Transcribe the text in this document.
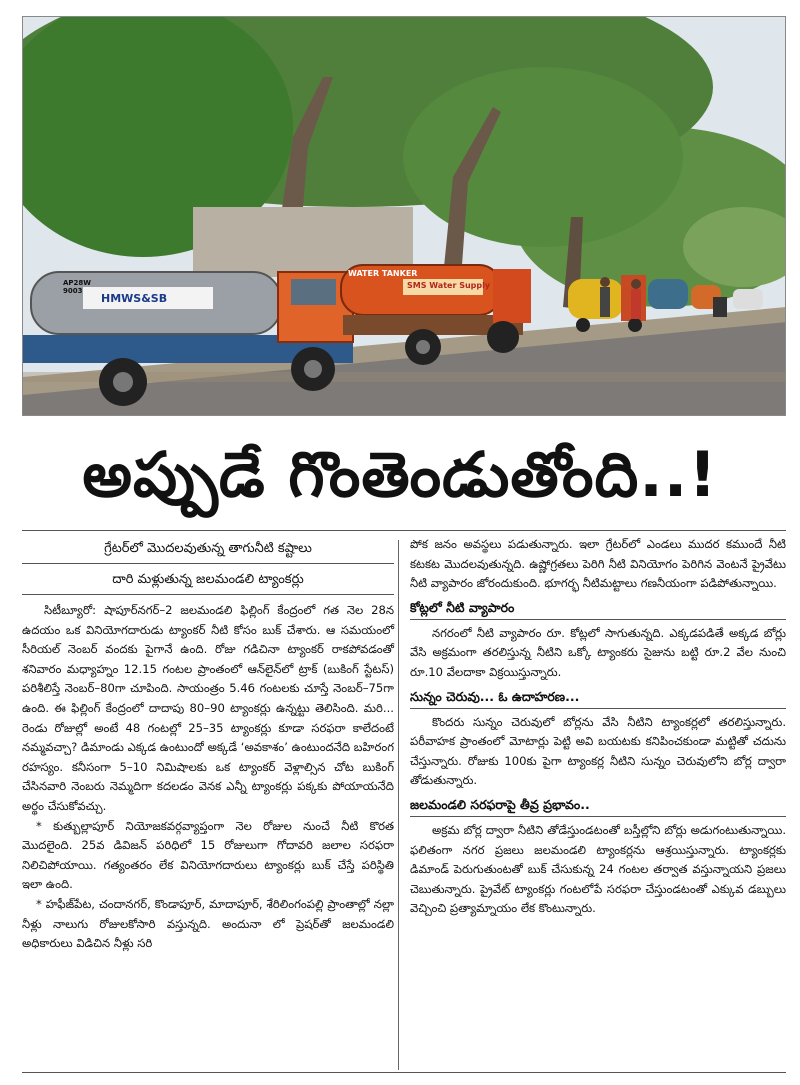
AP28W
9003
HMWS&SB
WATER TANKER
SMS Water Supply
అప్పుడే గొంతెండుతోంది..!
గ్రేటర్‌లో మొదలవుతున్న తాగునీటి కష్టాలు
దారి మళ్లుతున్న జలమండలి ట్యాంకర్లు

సిటీబ్యూరో: షాపూర్‌నగర్‌–2 జలమండలి ఫిల్లింగ్‌ కేంద్రంలో గత నెల 28న ఉదయం ఒక వినియోగదారుడు ట్యాంకర్‌ నీటి కోసం బుక్‌ చేశారు. ఆ సమయంలో సీరియల్‌ నెంబర్‌ వందకు పైగానే ఉంది. రోజు గడిచినా ట్యాంకర్‌ రాకపోవడంతో శనివారం మధ్యాహ్నం 12.15 గంటల ప్రాంతంలో ఆన్‌లైన్‌లో ట్రాక్‌ (బుకింగ్‌ స్టేటస్‌) పరిశీలిస్తే నెంబర్‌–80గా చూపింది. సాయంత్రం 5.46 గంటలకు చూస్తే నెంబర్‌–75గా ఉంది. ఈ ఫిల్లింగ్‌ కేంద్రంలో దాదాపు 80–90 ట్యాంకర్లు ఉన్నట్టు తెలిసింది. మరి... రెండు రోజుల్లో అంటే 48 గంటల్లో 25–35 ట్యాంకర్లు కూడా సరఫరా కాలేదంటే నమ్మవచ్చా? డిమాండు ఎక్కడ ఉంటుందో అక్కడే ‘అవకాశం’ ఉంటుందనేది బహిరంగ రహస్యం. కనీసంగా 5–10 నిమిషాలకు ఒక ట్యాంకర్‌ వెళ్లాల్సిన చోట బుకింగ్‌ చేసినవారి నెంబరు నెమ్మదిగా కదలడం వెనక ఎన్నీ ట్యాంకర్లు పక్కకు పోయాయనేది అర్థం చేసుకోవచ్చు.

* కుత్బుల్లాపూర్‌ నియోజకవర్గవ్యాప్తంగా నెల రోజుల నుంచే నీటి కొరత మొదలైంది. 25వ డివిజన్‌ పరిధిలో 15 రోజులుగా గోదావరి జలాల సరఫరా నిలిచిపోయాయి. గత్యంతరం లేక వినియోగదారులు ట్యాంకర్లు బుక్‌ చేస్తే పరిస్థితి ఇలా ఉంది.

* హఫీజ్‌పేట, చందానగర్‌, కొండాపూర్‌, మాదాపూర్‌, శేరిలింగంపల్లి ప్రాంతాల్లో నల్లా నీళ్లు నాలుగు రోజులకోసారి వస్తున్నది. అందునా లో ప్రెషర్‌తో జలమండలి అధికారులు విడిచిన నీళ్లు సరి

పోక జనం అవస్థలు పడుతున్నారు. ఇలా గ్రేటర్‌లో ఎండలు ముదర కముందే నీటి కటకట మొదలవుతున్నది. ఉష్ణోగ్రతలు పెరిగి నీటి వినియోగం పెరిగిన వెంటనే ప్రైవేటు నీటి వ్యాపారం జోరందుకుంది. భూగర్భ నీటిమట్టాలు గణనీయంగా పడిపోతున్నాయి.

కోట్లలో నీటి వ్యాపారం

నగరంలో నీటి వ్యాపారం రూ. కోట్లలో సాగుతున్నది. ఎక్కడపడితే అక్కడ బోర్లు వేసి అక్రమంగా తరలిస్తున్న నీటిని ఒక్కో ట్యాంకరు సైజును బట్టి రూ.2 వేల నుంచి రూ.10 వేలదాకా విక్రయిస్తున్నారు.

సున్నం చెరువు... ఓ ఉదాహరణ...

కొందరు సున్నం చెరువులో బోర్లను వేసి నీటిని ట్యాంకర్లలో తరలిస్తున్నారు. పరీవాహక ప్రాంతంలో మోటార్లు పెట్టి అవి బయటకు కనిపించకుండా మట్టితో చదును చేస్తున్నారు. రోజుకు 100కు పైగా ట్యాంకర్ల నీటిని సున్నం చెరువులోని బోర్ల ద్వారా తోడుతున్నారు.

జలమండలి సరఫరాపై తీవ్ర ప్రభావం..

అక్రమ బోర్ల ద్వారా నీటిని తోడేస్తుండటంతో బస్తీల్లోని బోర్లు అడుగంటుతున్నాయి. ఫలితంగా నగర ప్రజలు జలమండలి ట్యాంకర్లను ఆశ్రయిస్తున్నారు. ట్యాంకర్లకు డిమాండ్‌ పెరుగుతుంటతో బుక్‌ చేసుకున్న 24 గంటల తర్వాత వస్తున్నాయని ప్రజలు చెబుతున్నారు. ప్రైవేట్‌ ట్యాంకర్లు గంటలోపే సరఫరా చేస్తుండటంతో ఎక్కువ డబ్బులు వెచ్చించి ప్రత్యామ్నాయం లేక కొంటున్నారు.
